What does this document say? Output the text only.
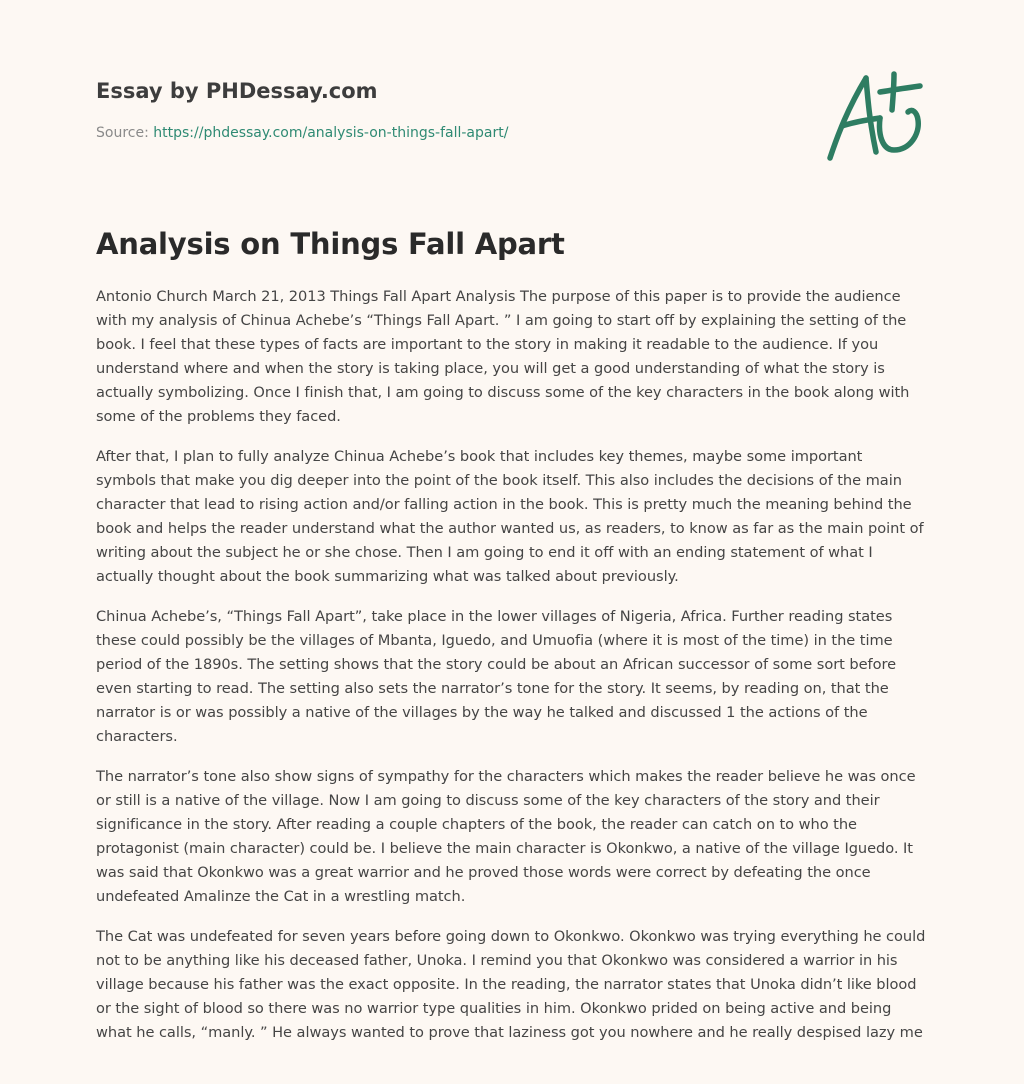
Essay by PHDessay.com
Source: https://phdessay.com/analysis-on-things-fall-apart/
Analysis on Things Fall Apart

Antonio Church March 21, 2013 Things Fall Apart Analysis The purpose of this paper is to provide the audience with my analysis of Chinua Achebe’s “Things Fall Apart. ” I am going to start off by explaining the setting of the book. I feel that these types of facts are important to the story in making it readable to the audience. If you understand where and when the story is taking place, you will get a good understanding of what the story is actually symbolizing. Once I finish that, I am going to discuss some of the key characters in the book along with some of the problems they faced.

After that, I plan to fully analyze Chinua Achebe’s book that includes key themes, maybe some important symbols that make you dig deeper into the point of the book itself. This also includes the decisions of the main character that lead to rising action and/or falling action in the book. This is pretty much the meaning behind the book and helps the reader understand what the author wanted us, as readers, to know as far as the main point of writing about the subject he or she chose. Then I am going to end it off with an ending statement of what I actually thought about the book summarizing what was talked about previously.

Chinua Achebe’s, “Things Fall Apart”, take place in the lower villages of Nigeria, Africa. Further reading states these could possibly be the villages of Mbanta, Iguedo, and Umuofia (where it is most of the time) in the time period of the 1890s. The setting shows that the story could be about an African successor of some sort before even starting to read. The setting also sets the narrator’s tone for the story. It seems, by reading on, that the narrator is or was possibly a native of the villages by the way he talked and discussed 1 the actions of the characters.

The narrator’s tone also show signs of sympathy for the characters which makes the reader believe he was once or still is a native of the village. Now I am going to discuss some of the key characters of the story and their significance in the story. After reading a couple chapters of the book, the reader can catch on to who the protagonist (main character) could be. I believe the main character is Okonkwo, a native of the village Iguedo. It was said that Okonkwo was a great warrior and he proved those words were correct by defeating the once undefeated Amalinze the Cat in a wrestling match.

The Cat was undefeated for seven years before going down to Okonkwo. Okonkwo was trying everything he could not to be anything like his deceased father, Unoka. I remind you that Okonkwo was considered a warrior in his village because his father was the exact opposite. In the reading, the narrator states that Unoka didn’t like blood or the sight of blood so there was no warrior type qualities in him. Okonkwo prided on being active and being what he calls, “manly. ” He always wanted to prove that laziness got you nowhere and he really despised lazy me
